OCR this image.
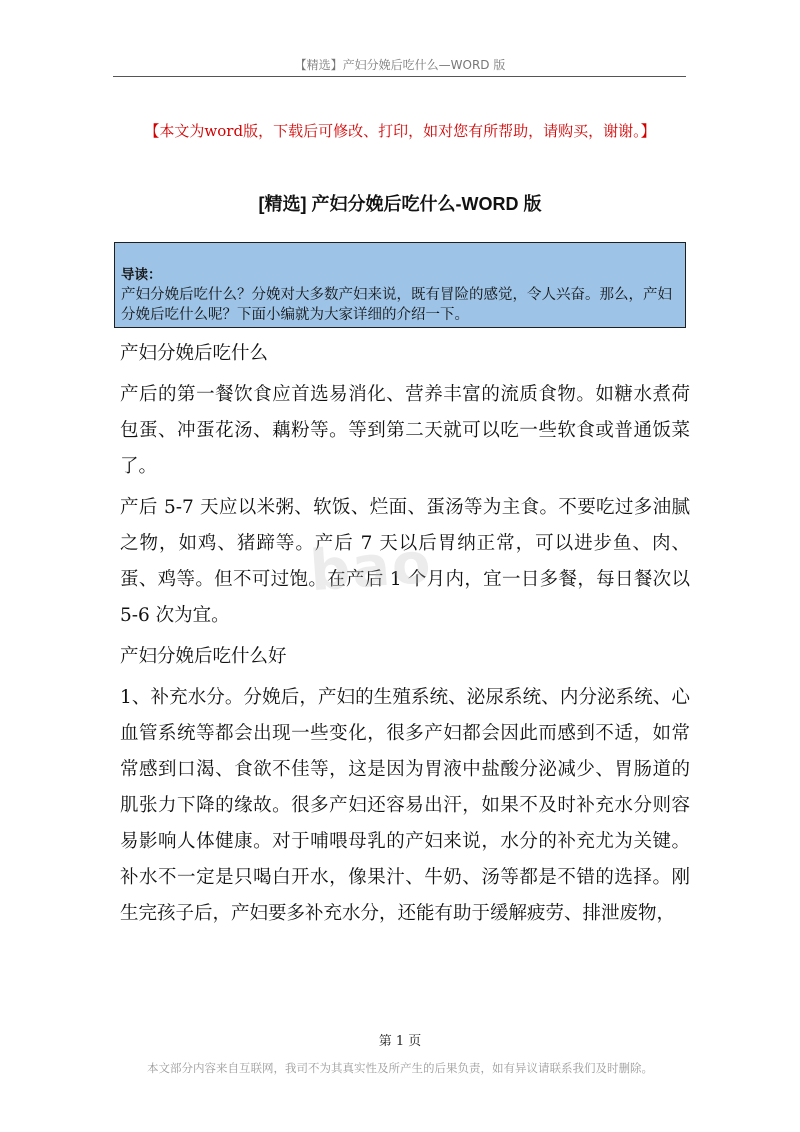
【精选】产妇分娩后吃什么—WORD 版
【本文为word版，下载后可修改、打印，如对您有所帮助，请购买，谢谢。】
[精选] 产妇分娩后吃什么-WORD 版
导读：
产妇分娩后吃什么？分娩对大多数产妇来说，既有冒险的感觉，令人兴奋。那么，产妇分娩后吃什么呢？下面小编就为大家详细的介绍一下。

产妇分娩后吃什么

产后的第一餐饮食应首选易消化、营养丰富的流质食物。如糖水煮荷包蛋、冲蛋花汤、藕粉等。等到第二天就可以吃一些软食或普通饭菜了。

产后 5-7 天应以米粥、软饭、烂面、蛋汤等为主食。不要吃过多油腻之物，如鸡、猪蹄等。产后 7 天以后胃纳正常，可以进步鱼、肉、蛋、鸡等。但不可过饱。在产后 1 个月内，宜一日多餐，每日餐次以 5-6 次为宜。

产妇分娩后吃什么好

1、补充水分。分娩后，产妇的生殖系统、泌尿系统、内分泌系统、心血管系统等都会出现一些变化，很多产妇都会因此而感到不适，如常常感到口渴、食欲不佳等，这是因为胃液中盐酸分泌减少、胃肠道的肌张力下降的缘故。很多产妇还容易出汗，如果不及时补充水分则容易影响人体健康。对于哺喂母乳的产妇来说，水分的补充尤为关键。补水不一定是只喝白开水，像果汁、牛奶、汤等都是不错的选择。刚生完孩子后，产妇要多补充水分，还能有助于缓解疲劳、排泄废物，

bao
第 1 页
本文部分内容来自互联网，我司不为其真实性及所产生的后果负责，如有异议请联系我们及时删除。
